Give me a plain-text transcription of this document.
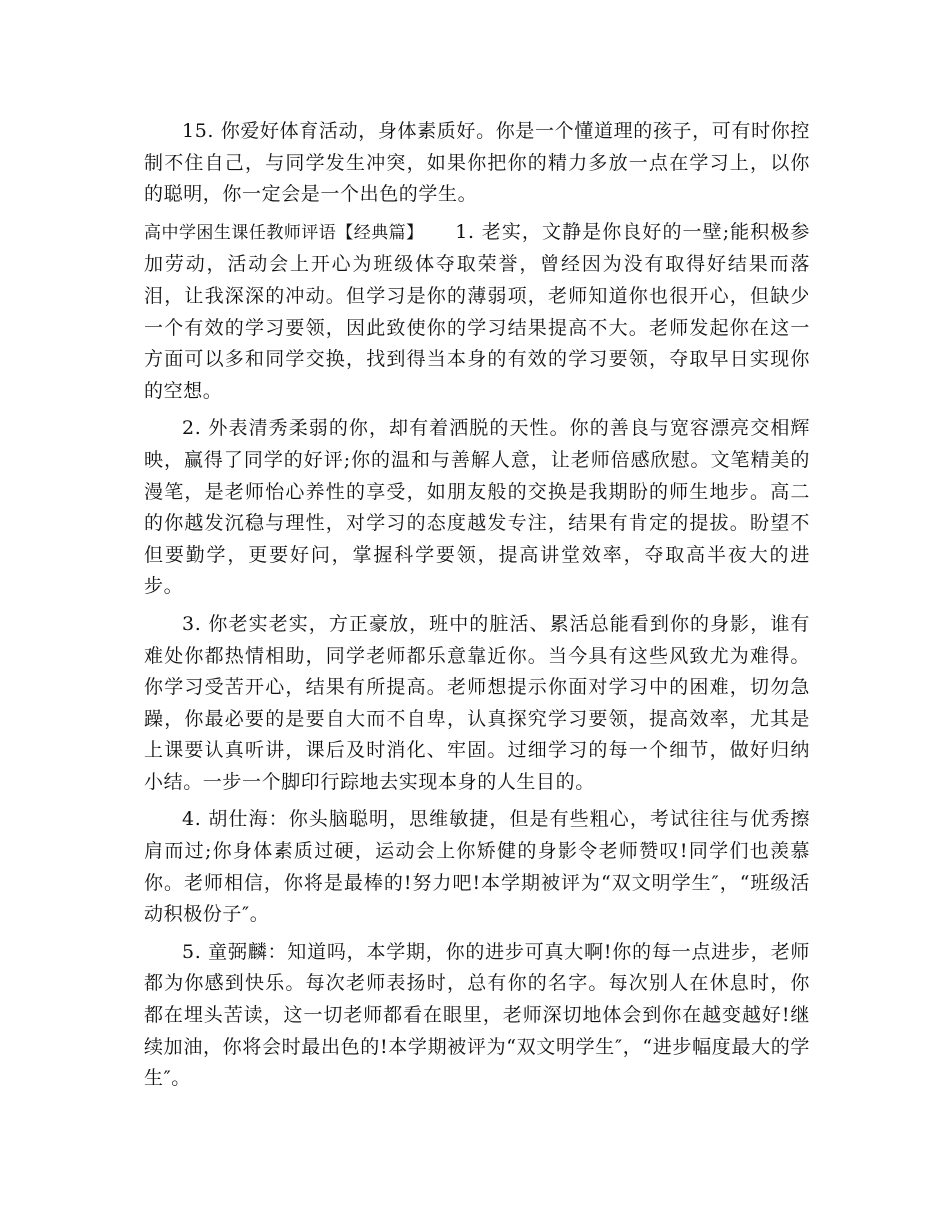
15. 你爱好体育活动，身体素质好。你是一个懂道理的孩子，可有时你控制不住自己，与同学发生冲突，如果你把你的精力多放一点在学习上，以你的聪明，你一定会是一个出色的学生。

高中学困生课任教师评语【经典篇】　　1. 老实，文静是你良好的一壁;能积极参加劳动，活动会上开心为班级体夺取荣誉，曾经因为没有取得好结果而落泪，让我深深的冲动。但学习是你的薄弱项，老师知道你也很开心，但缺少一个有效的学习要领，因此致使你的学习结果提高不大。老师发起你在这一方面可以多和同学交换，找到得当本身的有效的学习要领，夺取早日实现你的空想。

2. 外表清秀柔弱的你，却有着洒脱的天性。你的善良与宽容漂亮交相辉映，赢得了同学的好评;你的温和与善解人意，让老师倍感欣慰。文笔精美的漫笔，是老师怡心养性的享受，如朋友般的交换是我期盼的师生地步。高二的你越发沉稳与理性，对学习的态度越发专注，结果有肯定的提拔。盼望不但要勤学，更要好问，掌握科学要领，提高讲堂效率，夺取高半夜大的进步。

3. 你老实老实，方正豪放，班中的脏活、累活总能看到你的身影，谁有难处你都热情相助，同学老师都乐意靠近你。当今具有这些风致尤为难得。你学习受苦开心，结果有所提高。老师想提示你面对学习中的困难，切勿急躁，你最必要的是要自大而不自卑，认真探究学习要领，提高效率，尤其是上课要认真听讲，课后及时消化、牢固。过细学习的每一个细节，做好归纳小结。一步一个脚印行踪地去实现本身的人生目的。

4. 胡仕海：你头脑聪明，思维敏捷，但是有些粗心，考试往往与优秀擦肩而过;你身体素质过硬，运动会上你矫健的身影令老师赞叹!同学们也羡慕你。老师相信，你将是最棒的!努力吧!本学期被评为“双文明学生″，“班级活动积极份子″。

5. 童弼麟：知道吗，本学期，你的进步可真大啊!你的每一点进步，老师都为你感到快乐。每次老师表扬时，总有你的名字。每次别人在休息时，你都在埋头苦读，这一切老师都看在眼里，老师深切地体会到你在越变越好!继续加油，你将会时最出色的!本学期被评为“双文明学生″，“进步幅度最大的学生″。
